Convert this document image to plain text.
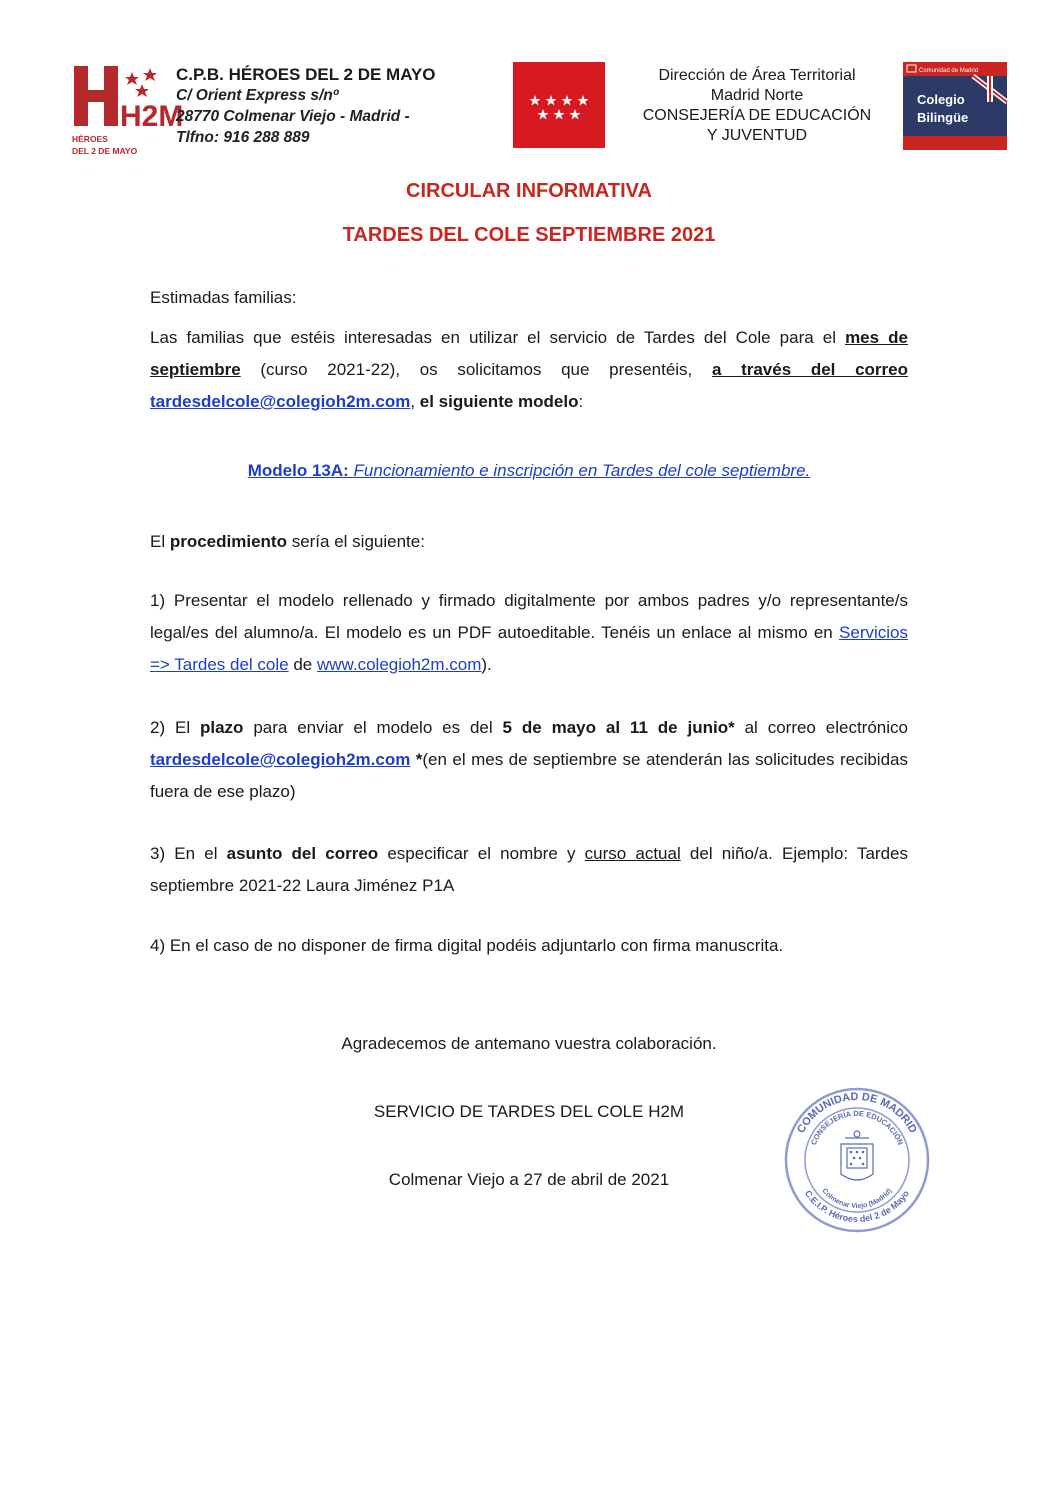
H2M
HÉROES
DEL 2 DE MAYO
C.P.B. HÉROES DEL 2 DE MAYO
C/ Orient Express s/nº
28770 Colmenar Viejo - Madrid -
Tlfno: 916 288 889
Dirección de Área Territorial
Madrid Norte
CONSEJERÍA DE EDUCACIÓN
Y JUVENTUD
Comunidad de Madrid
Colegio
Bilingüe
CIRCULAR INFORMATIVA
TARDES DEL COLE SEPTIEMBRE 2021
Estimadas familias:
Las familias que estéis interesadas en utilizar el servicio de Tardes del Cole para el mes de septiembre (curso 2021-22), os solicitamos que presentéis, a través del correo tardesdelcole@colegioh2m.com, el siguiente modelo:
Modelo 13A: Funcionamiento e inscripción en Tardes del cole septiembre.
El procedimiento sería el siguiente:
1) Presentar el modelo rellenado y firmado digitalmente por ambos padres y/o representante/s legal/es del alumno/a. El modelo es un PDF autoeditable. Tenéis un enlace al mismo en Servicios => Tardes del cole de www.colegioh2m.com).
2) El plazo para enviar el modelo es del 5 de mayo al 11 de junio* al correo electrónico tardesdelcole@colegioh2m.com *(en el mes de septiembre se atenderán las solicitudes recibidas fuera de ese plazo)
3) En el asunto del correo especificar el nombre y curso actual del niño/a. Ejemplo: Tardes septiembre 2021-22 Laura Jiménez P1A
4) En el caso de no disponer de firma digital podéis adjuntarlo con firma manuscrita.
Agradecemos de antemano vuestra colaboración.
SERVICIO DE TARDES DEL COLE H2M
Colmenar Viejo a 27 de abril de 2021
COMUNIDAD DE MADRID
CONSEJERÍA DE EDUCACIÓN
C.E.I.P. Héroes del 2 de Mayo
Colmenar Viejo (Madrid)
